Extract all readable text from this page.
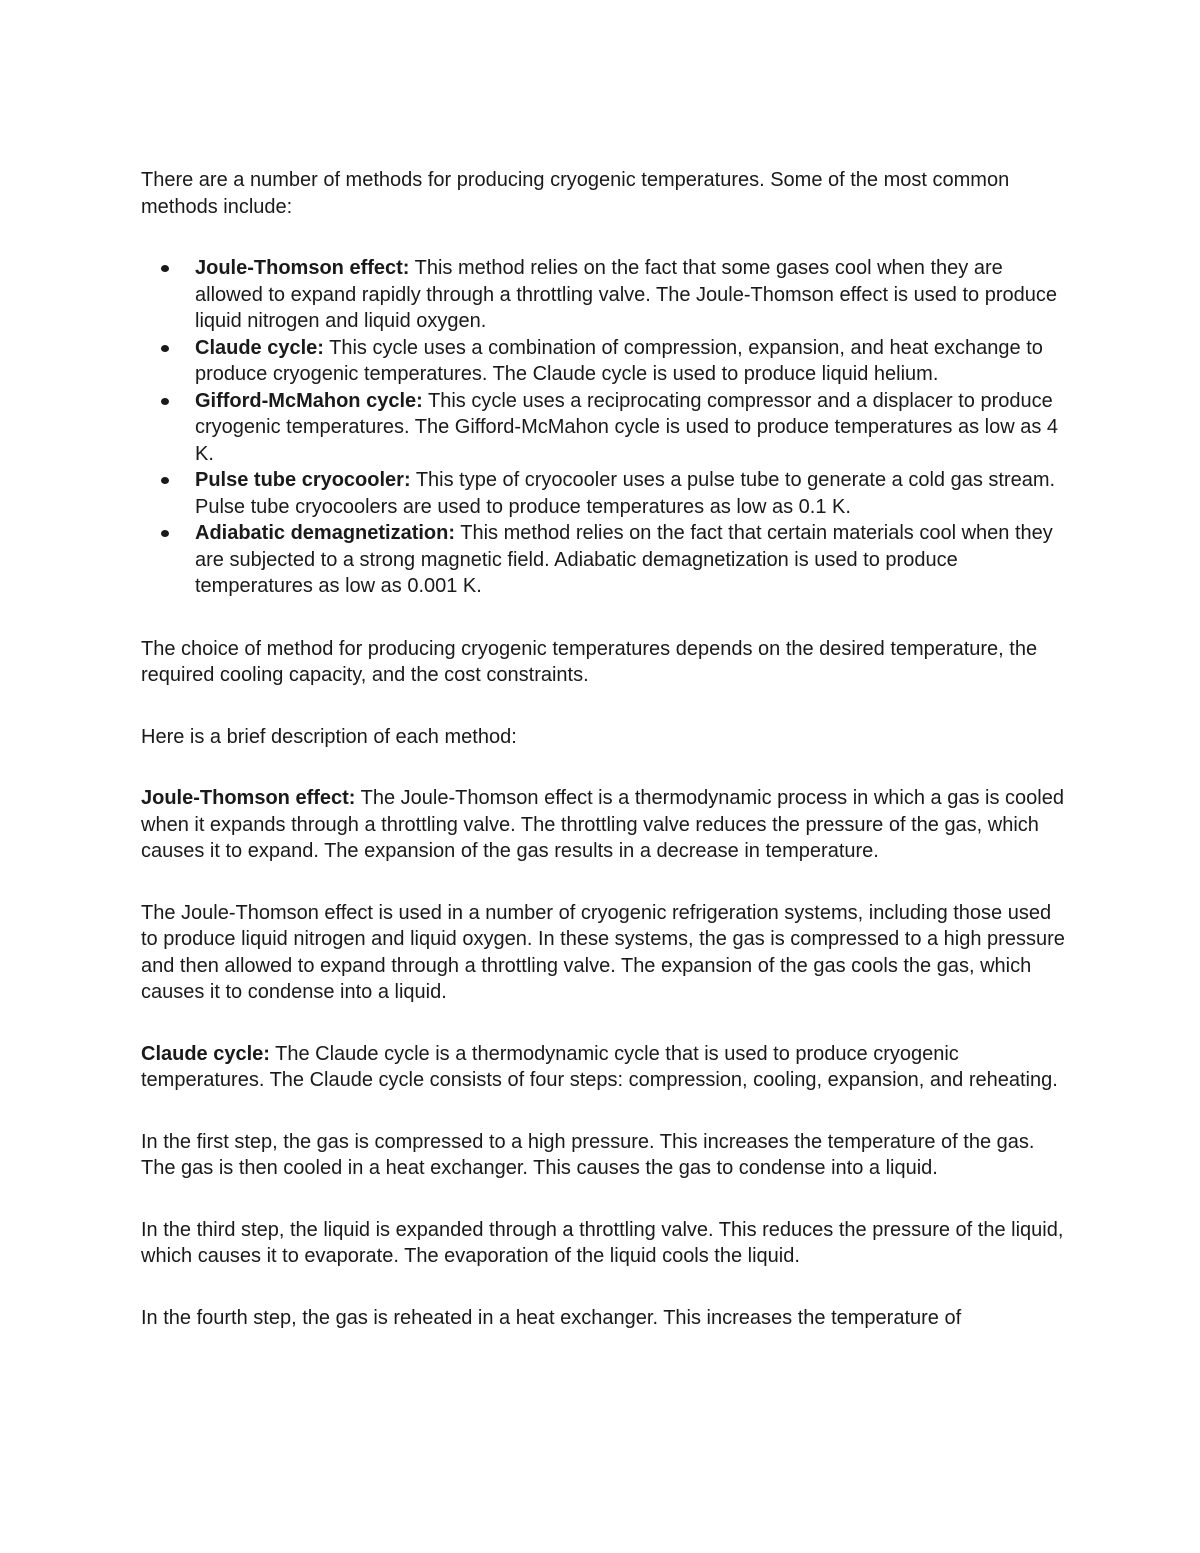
There are a number of methods for producing cryogenic temperatures. Some of the most common methods include:

Joule-Thomson effect: This method relies on the fact that some gases cool when they are allowed to expand rapidly through a throttling valve. The Joule-Thomson effect is used to produce liquid nitrogen and liquid oxygen.
Claude cycle: This cycle uses a combination of compression, expansion, and heat exchange to produce cryogenic temperatures. The Claude cycle is used to produce liquid helium.
Gifford-McMahon cycle: This cycle uses a reciprocating compressor and a displacer to produce cryogenic temperatures. The Gifford-McMahon cycle is used to produce temperatures as low as 4 K.
Pulse tube cryocooler: This type of cryocooler uses a pulse tube to generate a cold gas stream. Pulse tube cryocoolers are used to produce temperatures as low as 0.1 K.
Adiabatic demagnetization: This method relies on the fact that certain materials cool when they are subjected to a strong magnetic field. Adiabatic demagnetization is used to produce temperatures as low as 0.001 K.

The choice of method for producing cryogenic temperatures depends on the desired temperature, the required cooling capacity, and the cost constraints.

Here is a brief description of each method:

Joule-Thomson effect: The Joule-Thomson effect is a thermodynamic process in which a gas is cooled when it expands through a throttling valve. The throttling valve reduces the pressure of the gas, which causes it to expand. The expansion of the gas results in a decrease in temperature.

The Joule-Thomson effect is used in a number of cryogenic refrigeration systems, including those used to produce liquid nitrogen and liquid oxygen. In these systems, the gas is compressed to a high pressure and then allowed to expand through a throttling valve. The expansion of the gas cools the gas, which causes it to condense into a liquid.

Claude cycle: The Claude cycle is a thermodynamic cycle that is used to produce cryogenic temperatures. The Claude cycle consists of four steps: compression, cooling, expansion, and reheating.

In the first step, the gas is compressed to a high pressure. This increases the temperature of the gas. The gas is then cooled in a heat exchanger. This causes the gas to condense into a liquid.

In the third step, the liquid is expanded through a throttling valve. This reduces the pressure of the liquid, which causes it to evaporate. The evaporation of the liquid cools the liquid.

In the fourth step, the gas is reheated in a heat exchanger. This increases the temperature of
